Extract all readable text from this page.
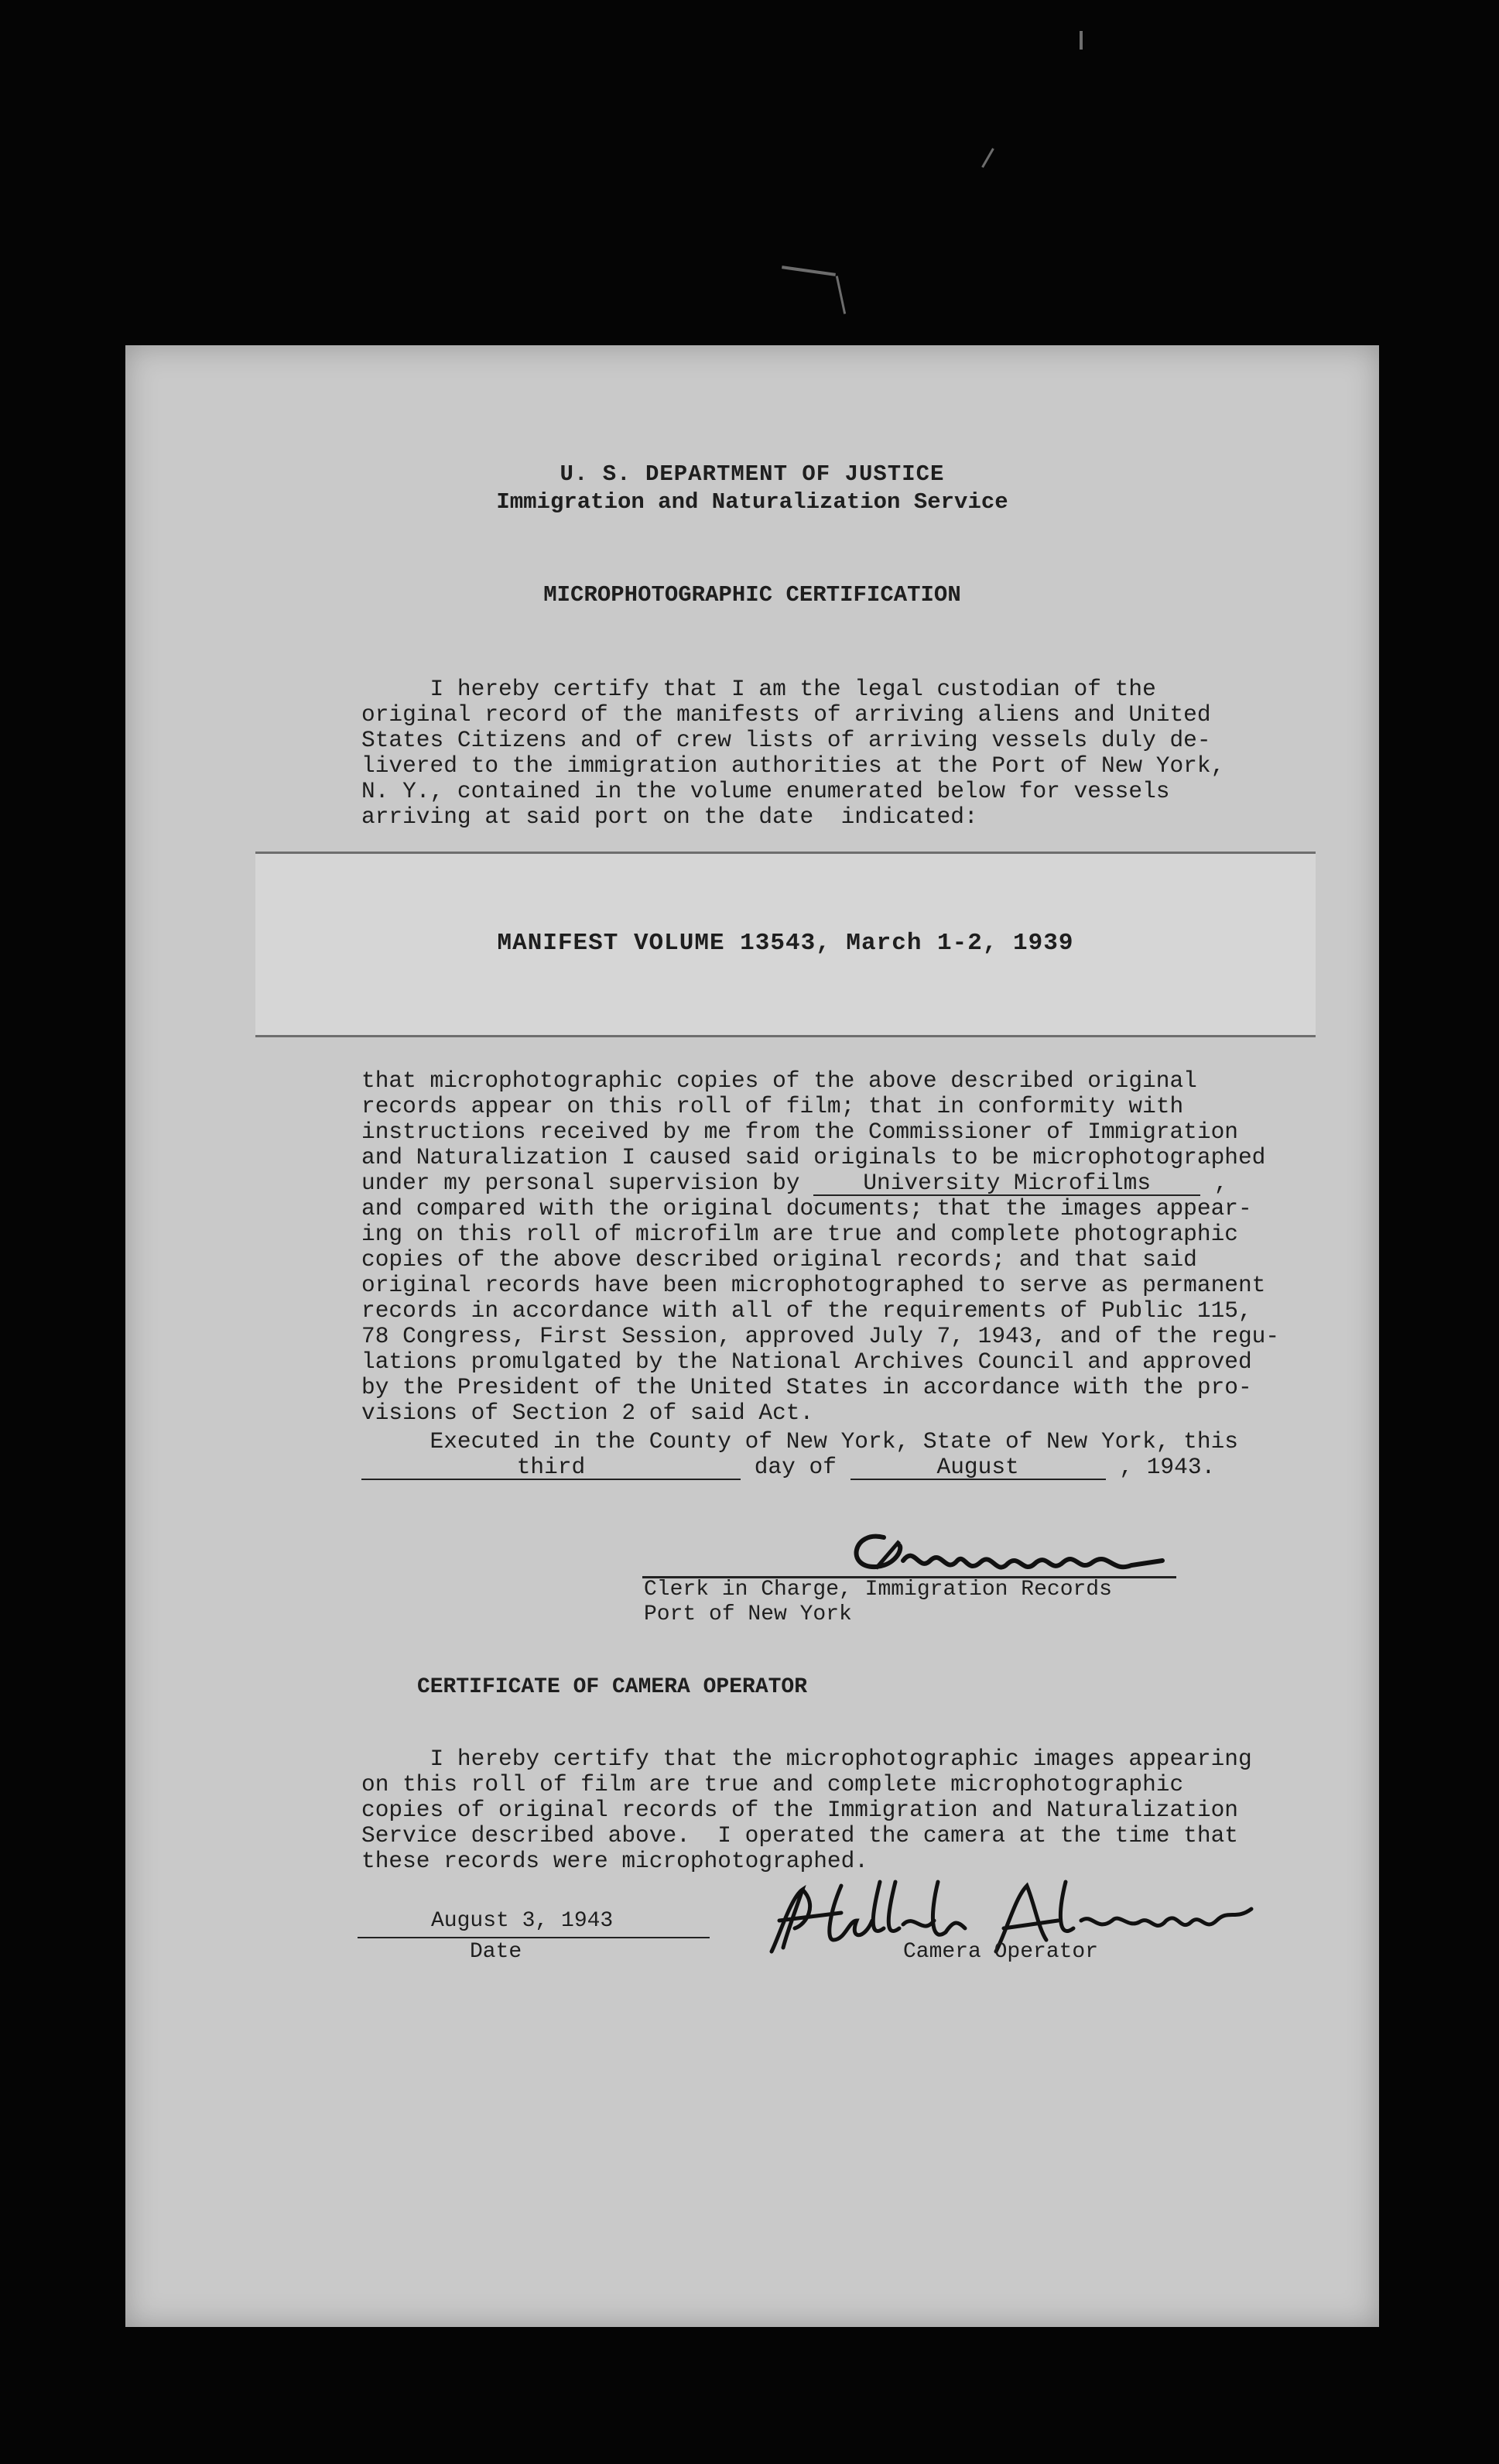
U. S. DEPARTMENT OF JUSTICE
Immigration and Naturalization Service
MICROPHOTOGRAPHIC CERTIFICATION
I hereby certify that I am the legal custodian of the
original record of the manifests of arriving aliens and United
States Citizens and of crew lists of arriving vessels duly de-
livered to the immigration authorities at the Port of New York,
N. Y., contained in the volume enumerated below for vessels
arriving at said port on the date  indicated:
MANIFEST VOLUME 13543, March 1-2, 1939
that microphotographic copies of the above described original
records appear on this roll of film; that in conformity with
instructions received by me from the Commissioner of Immigration
and Naturalization I caused said originals to be microphotographed
under my personal supervision by University Microfilms ,
and compared with the original documents; that the images appear-
ing on this roll of microfilm are true and complete photographic
copies of the above described original records; and that said
original records have been microphotographed to serve as permanent
records in accordance with all of the requirements of Public 115,
78 Congress, First Session, approved July 7, 1943, and of the regu-
lations promulgated by the National Archives Council and approved
by the President of the United States in accordance with the pro-
visions of Section 2 of said Act.
Executed in the County of New York, State of New York, this
third	day of	August	, 1943.
Clerk in Charge, Immigration Records
Port of New York
CERTIFICATE OF CAMERA OPERATOR
I hereby certify that the microphotographic images appearing
on this roll of film are true and complete microphotographic
copies of original records of the Immigration and Naturalization
Service described above.  I operated the camera at the time that
these records were microphotographed.
August 3, 1943
Date	Camera Operator
